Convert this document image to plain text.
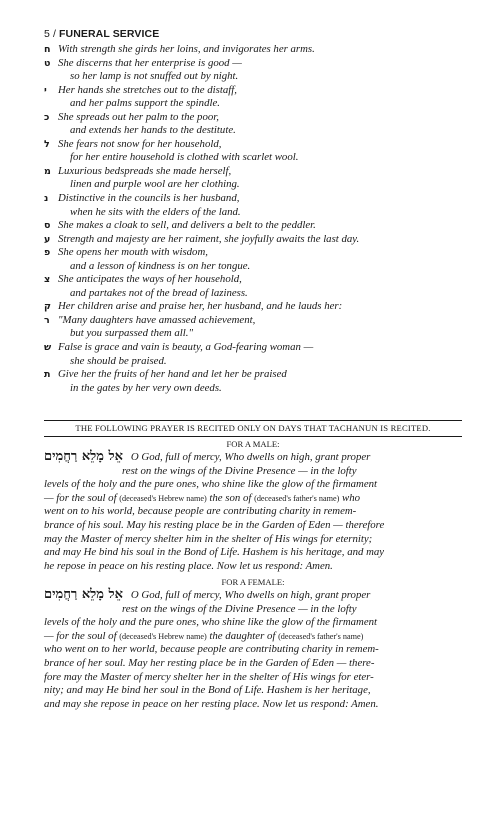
5 / FUNERAL SERVICE
ח With strength she girds her loins, and invigorates her arms.
ט She discerns that her enterprise is good —
so her lamp is not snuffed out by night.
י Her hands she stretches out to the distaff,
and her palms support the spindle.
כ She spreads out her palm to the poor,
and extends her hands to the destitute.
ל She fears not snow for her household,
for her entire household is clothed with scarlet wool.
מ Luxurious bedspreads she made herself,
linen and purple wool are her clothing.
נ Distinctive in the councils is her husband,
when he sits with the elders of the land.
ס She makes a cloak to sell, and delivers a belt to the peddler.
ע Strength and majesty are her raiment, she joyfully awaits the last day.
פ She opens her mouth with wisdom,
and a lesson of kindness is on her tongue.
צ She anticipates the ways of her household,
and partakes not of the bread of laziness.
ק Her children arise and praise her, her husband, and he lauds her:
ר "Many daughters have amassed achievement,
but you surpassed them all."
ש False is grace and vain is beauty, a God-fearing woman —
she should be praised.
ת Give her the fruits of her hand and let her be praised
in the gates by her very own deeds.
THE FOLLOWING PRAYER IS RECITED ONLY ON DAYS THAT TACHANUN IS RECITED.
FOR A MALE:
אֵל מָלֵא רַחֲמִים O God, full of mercy, Who dwells on high, grant proper
rest on the wings of the Divine Presence — in the lofty
levels of the holy and the pure ones, who shine like the glow of the firmament
— for the soul of (deceased's Hebrew name) the son of (deceased's father's name) who
went on to his world, because people are contributing charity in remem-
brance of his soul. May his resting place be in the Garden of Eden — therefore
may the Master of mercy shelter him in the shelter of His wings for eternity;
and may He bind his soul in the Bond of Life. Hashem is his heritage, and may
he repose in peace on his resting place. Now let us respond: Amen.
FOR A FEMALE:
אֵל מָלֵא רַחֲמִים O God, full of mercy, Who dwells on high, grant proper
rest on the wings of the Divine Presence — in the lofty
levels of the holy and the pure ones, who shine like the glow of the firmament
— for the soul of (deceased's Hebrew name) the daughter of (deceased's father's name)
who went on to her world, because people are contributing charity in remem-
brance of her soul. May her resting place be in the Garden of Eden — there-
fore may the Master of mercy shelter her in the shelter of His wings for eter-
nity; and may He bind her soul in the Bond of Life. Hashem is her heritage,
and may she repose in peace on her resting place. Now let us respond: Amen.
